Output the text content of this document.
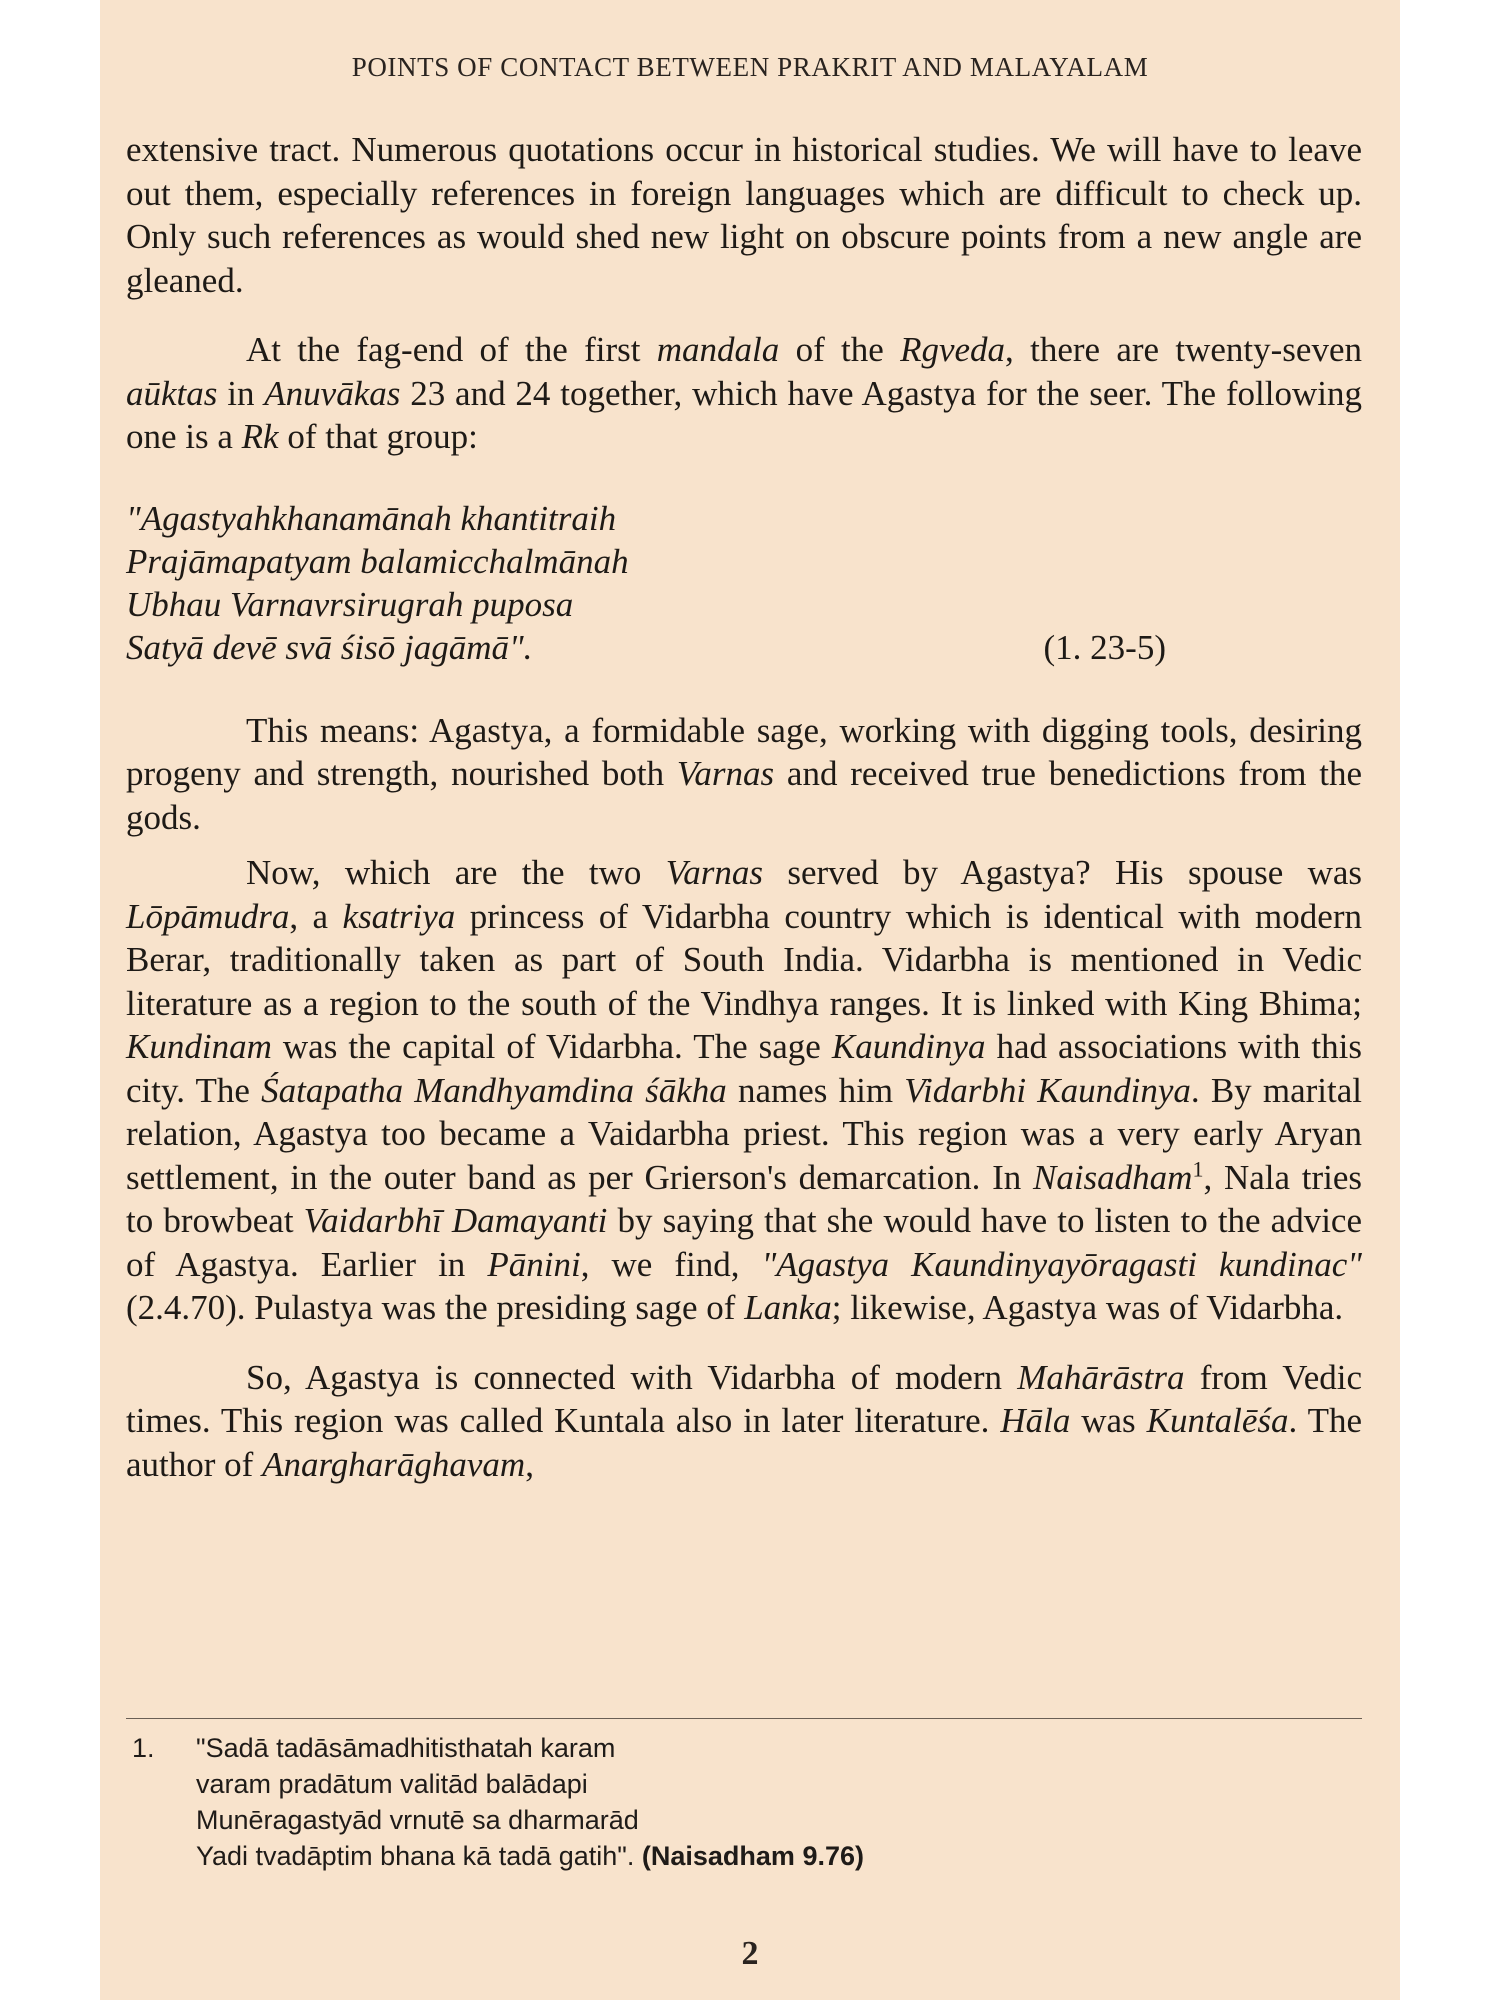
POINTS OF CONTACT BETWEEN PRAKRIT AND MALAYALAM

extensive tract. Numerous quotations occur in historical studies. We will have to leave out them, especially references in foreign languages which are difficult to check up. Only such references as would shed new light on obscure points from a new angle are gleaned.

At the fag-end of the first mandala of the Rgveda, there are twenty-seven aūktas in Anuvākas 23 and 24 together, which have Agastya for the seer. The following one is a Rk of that group:

"Agastyahkhanamānah khantitraih
Prajāmapatyam balamicchalmānah
Ubhau Varnavrsirugrah puposa
Satyā devē svā śisō jagāmā".	(1. 23-5)

This means: Agastya, a formidable sage, working with digging tools, desiring progeny and strength, nourished both Varnas and received true benedictions from the gods.

Now, which are the two Varnas served by Agastya? His spouse was Lōpāmudra, a ksatriya princess of Vidarbha country which is identical with modern Berar, traditionally taken as part of South India. Vidarbha is mentioned in Vedic literature as a region to the south of the Vindhya ranges. It is linked with King Bhima; Kundinam was the capital of Vidarbha. The sage Kaundinya had associations with this city. The Śatapatha Mandhyamdina śākha names him Vidarbhi Kaundinya. By marital relation, Agastya too became a Vaidarbha priest. This region was a very early Aryan settlement, in the outer band as per Grierson's demarcation. In Naisadham$^1$, Nala tries to browbeat Vaidarbhī Damayanti by saying that she would have to listen to the advice of Agastya. Earlier in Pānini, we find, "Agastya Kaundinyayōragasti kundinac" (2.4.70). Pulastya was the presiding sage of Lanka; likewise, Agastya was of Vidarbha.

So, Agastya is connected with Vidarbha of modern Mahārāstra from Vedic times. This region was called Kuntala also in later literature. Hāla was Kuntalēśa. The author of Anargharāghavam,

1. "Sadā tadāsāmadhitisthatah karam
varam pradātum valitād balādapi
Munēragastyād vrnutē sa dharmarād
Yadi tvadāptim bhana kā tadā gatih". (Naisadham 9.76)
2
